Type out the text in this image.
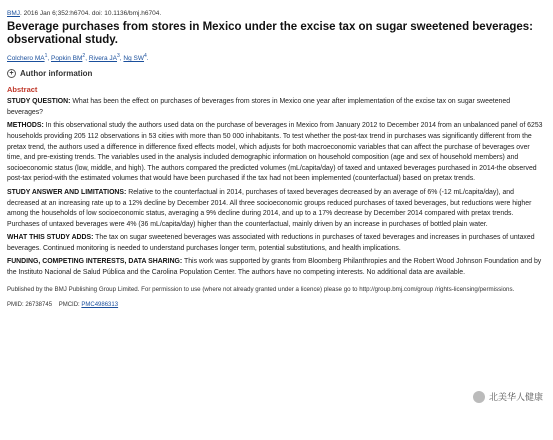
BMJ. 2016 Jan 6;352:h6704. doi: 10.1136/bmj.h6704.
Beverage purchases from stores in Mexico under the excise tax on sugar sweetened beverages: observational study.
Colchero $MA^1$, Popkin $BM^2$, Rivera $JA^3$, Ng $SW^4$.
+ Author information
Abstract
STUDY QUESTION: What has been the effect on purchases of beverages from stores in Mexico one year after implementation of the excise tax on sugar sweetened beverages?
METHODS: In this observational study the authors used data on the purchase of beverages in Mexico from January 2012 to December 2014 from an unbalanced panel of 6253 households providing 205 112 observations in 53 cities with more than 50 000 inhabitants. To test whether the post-tax trend in purchases was significantly different from the pretax trend, the authors used a difference in difference fixed effects model, which adjusts for both macroeconomic variables that can affect the purchase of beverages over time, and pre-existing trends. The variables used in the analysis included demographic information on household composition (age and sex of household members) and socioeconomic status (low, middle, and high). The authors compared the predicted volumes (mL/capita/day) of taxed and untaxed beverages purchased in 2014-the observed post-tax period-with the estimated volumes that would have been purchased if the tax had not been implemented (counterfactual) based on pretax trends.
STUDY ANSWER AND LIMITATIONS: Relative to the counterfactual in 2014, purchases of taxed beverages decreased by an average of 6% (-12 mL/capita/day), and decreased at an increasing rate up to a 12% decline by December 2014. All three socioeconomic groups reduced purchases of taxed beverages, but reductions were higher among the households of low socioeconomic status, averaging a 9% decline during 2014, and up to a 17% decrease by December 2014 compared with pretax trends. Purchases of untaxed beverages were 4% (36 mL/capita/day) higher than the counterfactual, mainly driven by an increase in purchases of bottled plain water.
WHAT THIS STUDY ADDS: The tax on sugar sweetened beverages was associated with reductions in purchases of taxed beverages and increases in purchases of untaxed beverages. Continued monitoring is needed to understand purchases longer term, potential substitutions, and health implications.
FUNDING, COMPETING INTERESTS, DATA SHARING: This work was supported by grants from Bloomberg Philanthropies and the Robert Wood Johnson Foundation and by the Instituto Nacional de Salud Pública and the Carolina Population Center. The authors have no competing interests. No additional data are available.
Published by the BMJ Publishing Group Limited. For permission to use (where not already granted under a licence) please go to http://group.bmj.com/group /rights-licensing/permissions.
PMID: 26738745 PMCID: PMC4986313
北美华人健康
